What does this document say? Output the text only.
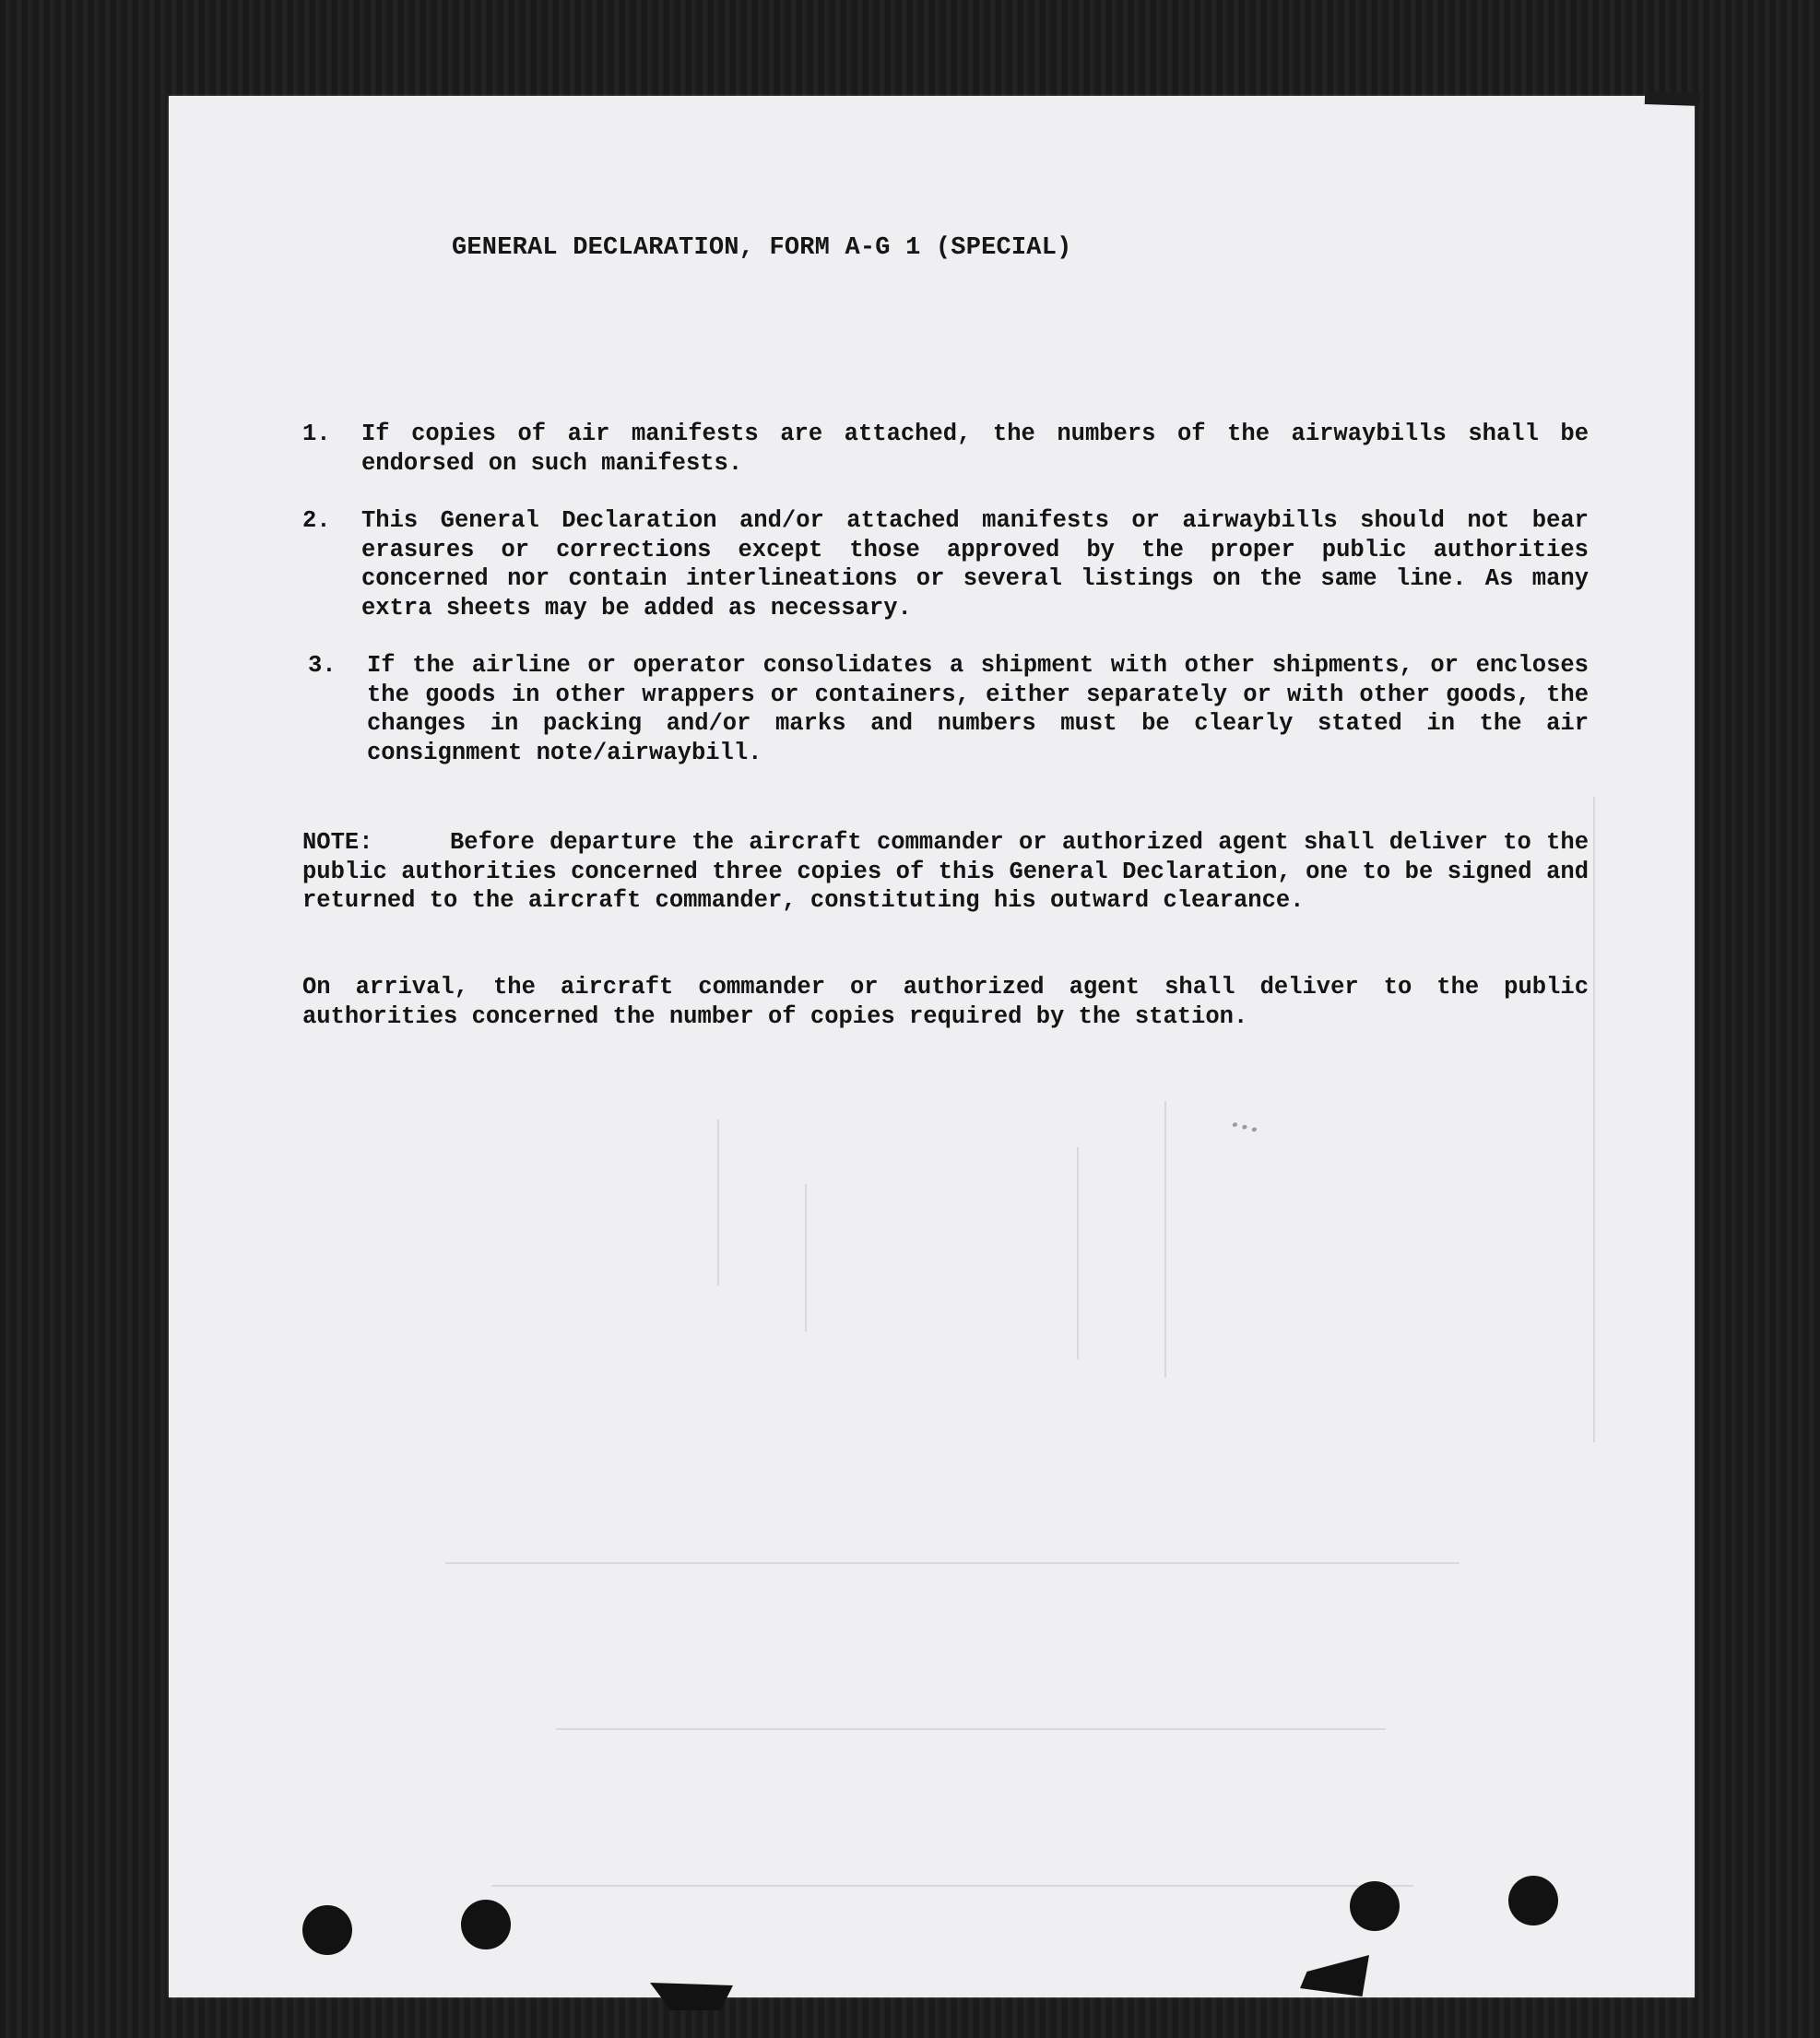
•••
GENERAL DECLARATION, FORM A-G 1 (SPECIAL)
1.	If copies of air manifests are attached, the numbers of the airwaybills shall be endorsed on such manifests.
2.	This General Declaration and/or attached manifests or airwaybills should not bear erasures or corrections except those approved by the proper public authorities concerned nor contain interlineations or several listings on the same line. As many extra sheets may be added as necessary.
3.	If the airline or operator consolidates a shipment with other shipments, or encloses the goods in other wrappers or containers, either separately or with other goods, the changes in packing and/or marks and numbers must be clearly stated in the air consignment note/airwaybill.
NOTE:	Before departure the aircraft commander or authorized agent shall deliver to the public authorities concerned three copies of this General Declaration, one to be signed and returned to the aircraft commander, constituting his outward clearance.
On arrival, the aircraft commander or authorized agent shall deliver to the public authorities concerned the number of copies required by the station.
